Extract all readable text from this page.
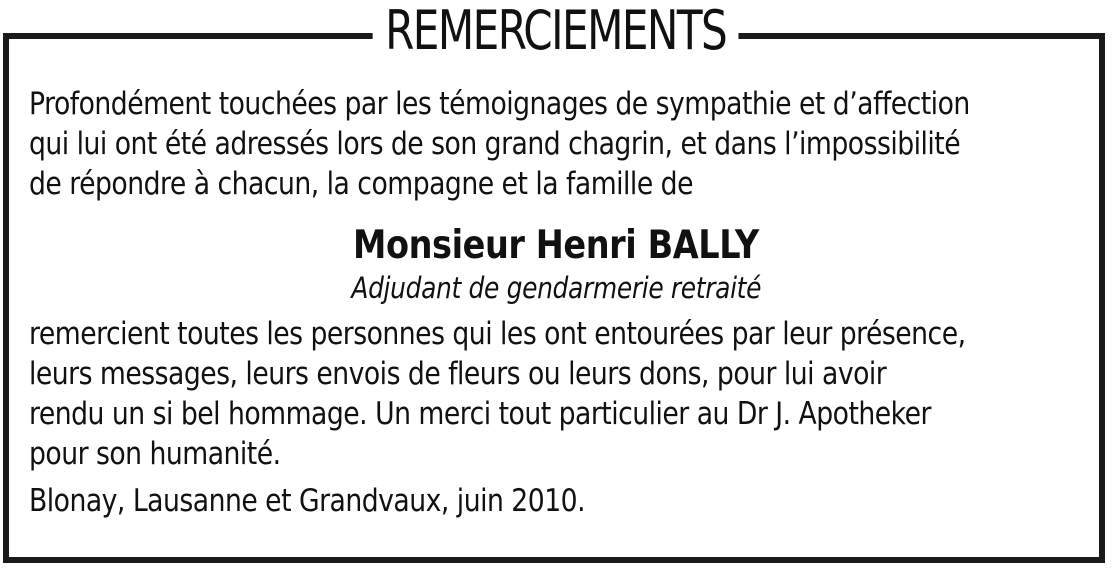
REMERCIEMENTS
Profondément touchées par les témoignages de sympathie et d’affection
qui lui ont été adressés lors de son grand chagrin, et dans l’impossibilité
de répondre à chacun, la compagne et la famille de
Monsieur Henri BALLY
Adjudant de gendarmerie retraité
remercient toutes les personnes qui les ont entourées par leur présence,
leurs messages, leurs envois de fleurs ou leurs dons, pour lui avoir
rendu un si bel hommage. Un merci tout particulier au Dr J. Apotheker
pour son humanité.
Blonay, Lausanne et Grandvaux, juin 2010.
